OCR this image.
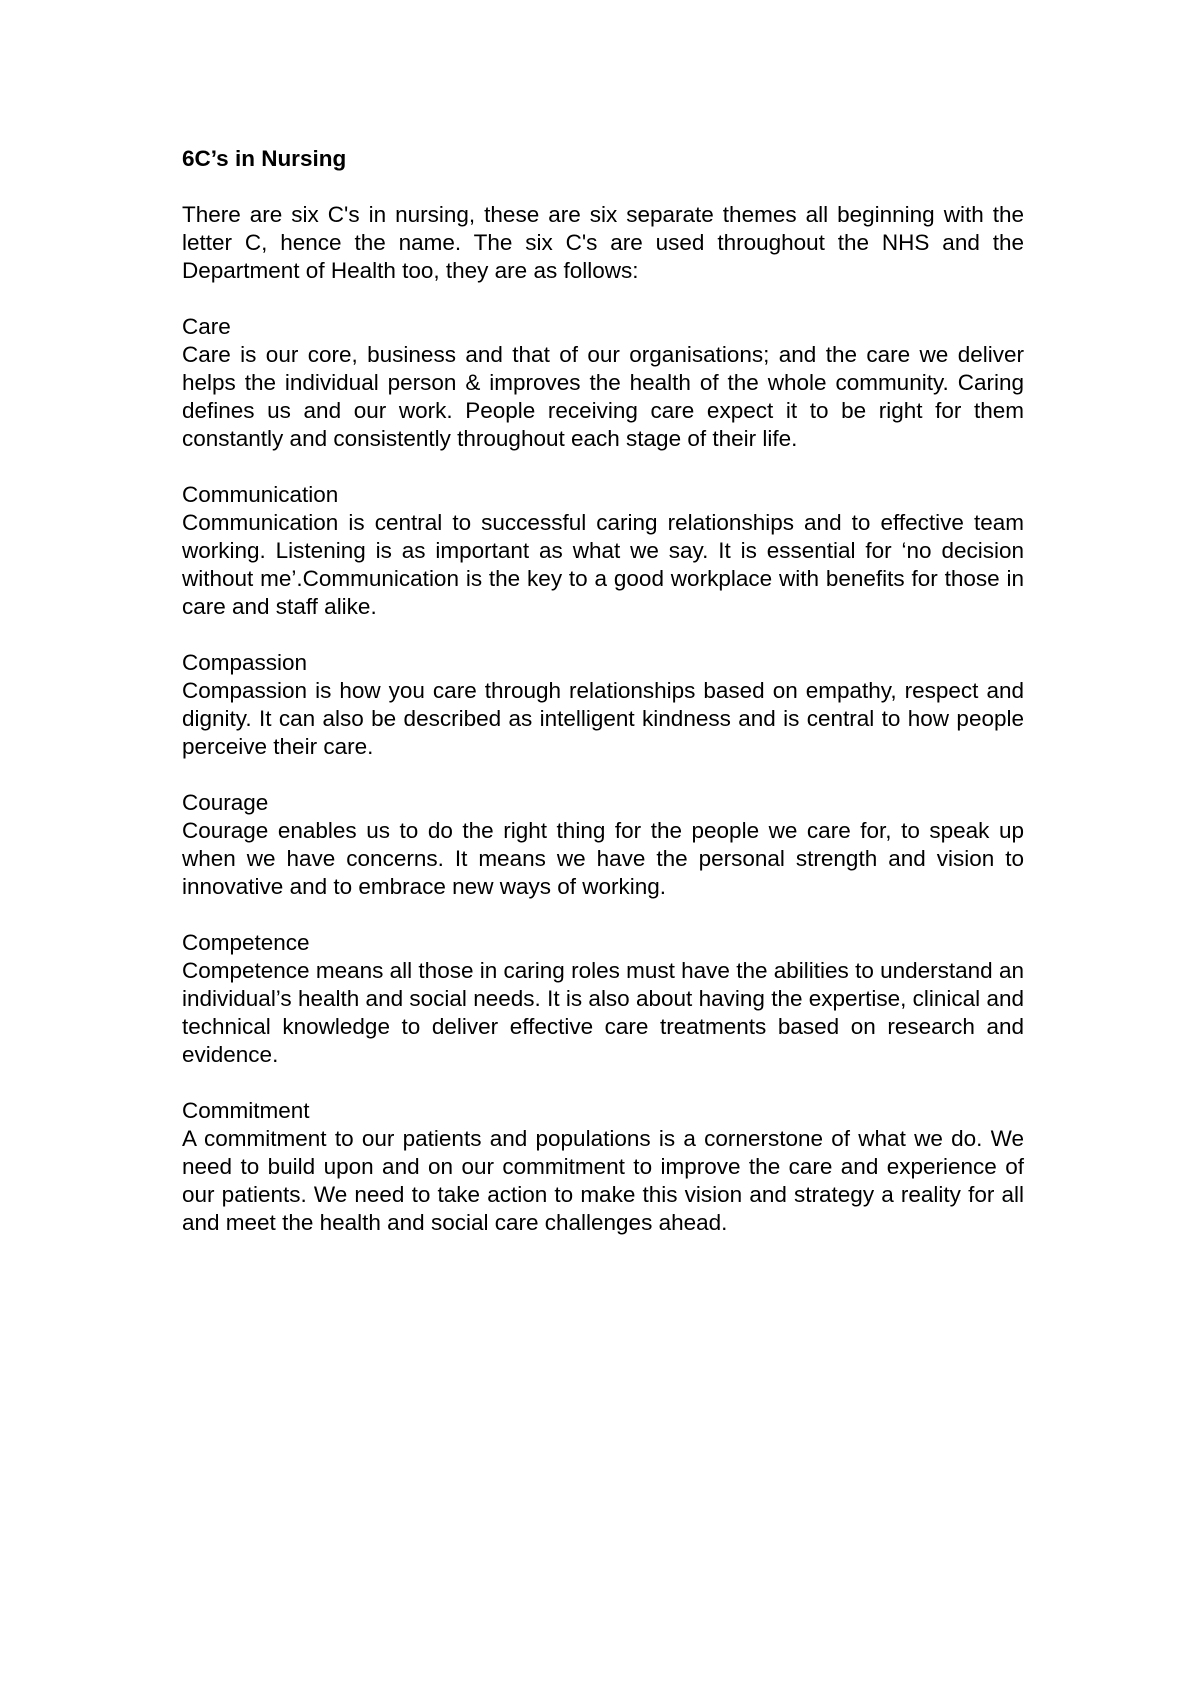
6C’s in Nursing

There are six C's in nursing, these are six separate themes all beginning with the letter C, hence the name. The six C's are used throughout the NHS and the Department of Health too, they are as follows:

Care

Care is our core, business and that of our organisations; and the care we deliver helps the individual person & improves the health of the whole community. Caring defines us and our work. People receiving care expect it to be right for them constantly and consistently throughout each stage of their life.

Communication

Communication is central to successful caring relationships and to effective team working. Listening is as important as what we say. It is essential for ‘no decision without me’.Communication is the key to a good workplace with benefits for those in care and staff alike.

Compassion

Compassion is how you care through relationships based on empathy, respect and dignity. It can also be described as intelligent kindness and is central to how people perceive their care.

Courage

Courage enables us to do the right thing for the people we care for, to speak up when we have concerns. It means we have the personal strength and vision to innovative and to embrace new ways of working.

Competence

Competence means all those in caring roles must have the abilities to understand an individual’s health and social needs. It is also about having the expertise, clinical and technical knowledge to deliver effective care treatments based on research and evidence.

Commitment

A commitment to our patients and populations is a cornerstone of what we do. We need to build upon and on our commitment to improve the care and experience of our patients. We need to take action to make this vision and strategy a reality for all and meet the health and social care challenges ahead.
